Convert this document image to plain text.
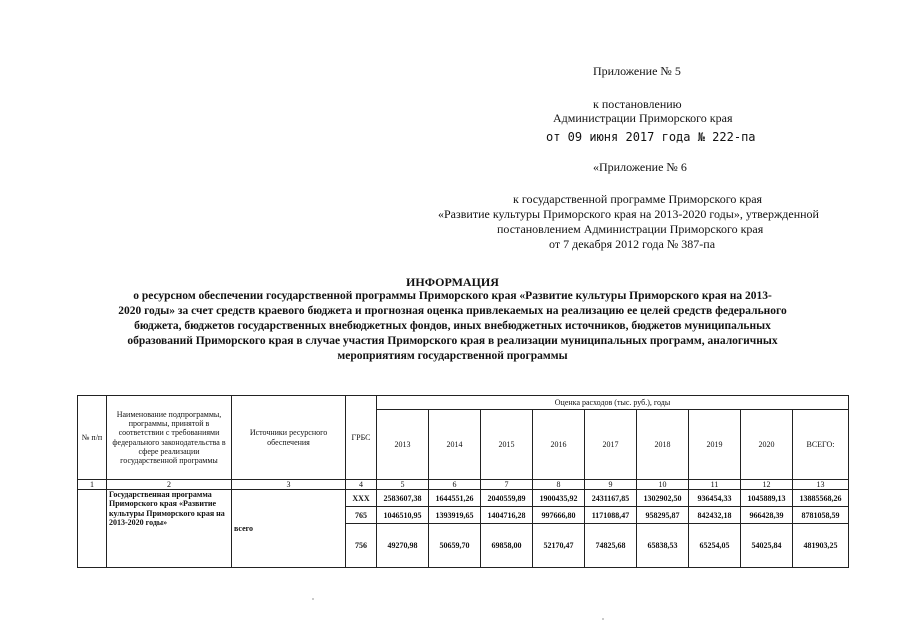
Приложение № 5
к постановлению
Администрации Приморского края
от 09 июня 2017 года № 222-па
«Приложение № 6
к государственной программе Приморского края
«Развитие культуры Приморского края на 2013-2020 годы», утвержденной
постановлением Администрации Приморского края
от 7 декабря 2012 года № 387-па
ИНФОРМАЦИЯ
о ресурсном обеспечении государственной программы Приморского края «Развитие культуры Приморского края на 2013-
2020 годы» за счет средств краевого бюджета и прогнозная оценка привлекаемых на реализацию ее целей средств федерального
бюджета, бюджетов государственных внебюджетных фондов, иных внебюджетных источников, бюджетов муниципальных
образований Приморского края в случае участия Приморского края в реализации муниципальных программ, аналогичных
мероприятиям государственной программы
№ п/п	Наименование подпрограммы, программы, принятой в соответствии с требованиями федерального законодательства в сфере реализации государственной программы	Источники ресурсного обеспечения	ГРБС	Оценка расходов (тыс. руб.), годы								
				2013	2014	2015	2016	2017	2018	2019	2020	ВСЕГО:
1	2	3	4	5	6	7	8	9	10	11	12	13
	Государственная программа Приморского края «Развитие культуры Приморского края на 2013-2020 годы»	всего	ХХХ	2583607,38	1644551,26	2040559,89	1900435,92	2431167,85	1302902,50	936454,33	1045889,13	13885568,26
			765	1046510,95	1393919,65	1404716,28	997666,80	1171088,47	958295,87	842432,18	966428,39	8781058,59
			756	49270,98	50659,70	69858,00	52170,47	74825,68	65838,53	65254,05	54025,84	481903,25
